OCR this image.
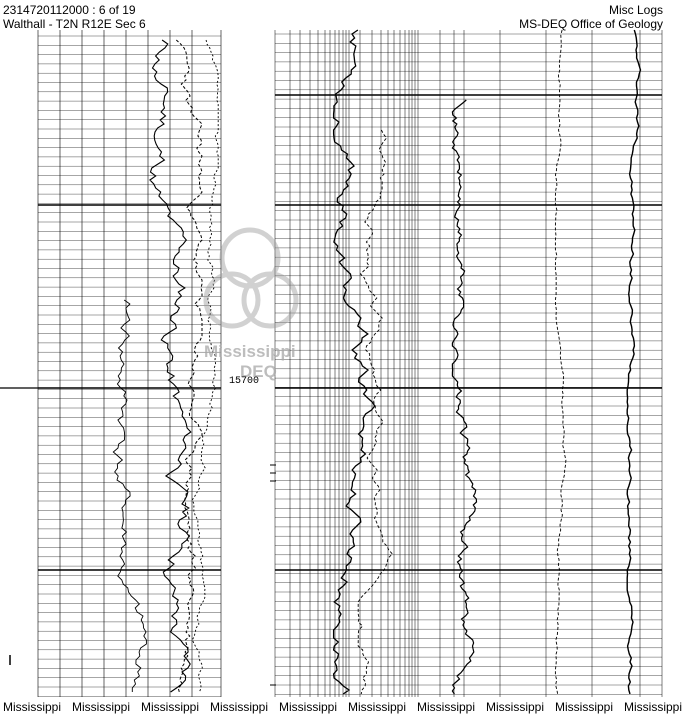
2314720112000 : 6 of 19
Walthall - T2N R12E Sec 6
Misc Logs
MS-DEQ Office of Geology
Mississippi
DEQ
15700
Mississippi Mississippi Mississippi Mississippi Mississippi Mississippi Mississippi Mississippi Mississippi Mississippi
